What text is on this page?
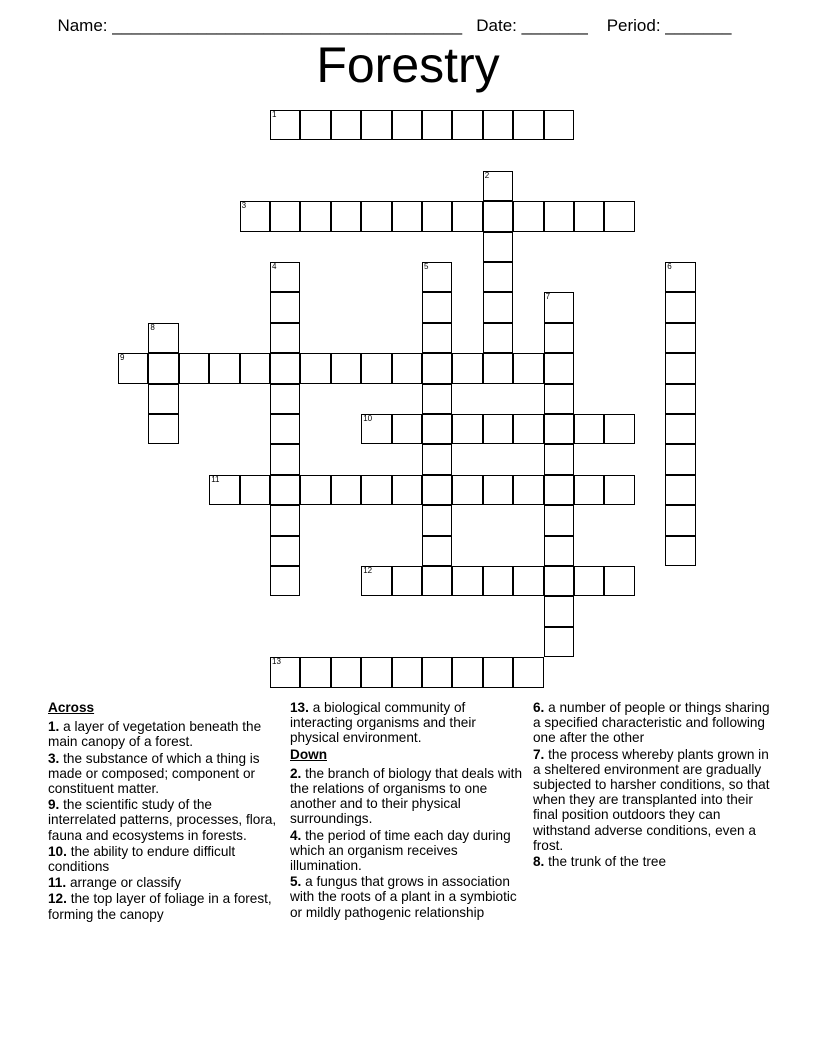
Name: _____________________________________ Date: _______ Period: _______

Forestry
1
2
3
4	5	6
7
8
9
10
11
12
13
Across
1. a layer of vegetation beneath the main canopy of a forest.
3. the substance of which a thing is made or composed; component or constituent matter.
9. the scientific study of the interrelated patterns, processes, flora, fauna and ecosystems in forests.
10. the ability to endure difficult conditions
11. arrange or classify
12. the top layer of foliage in a forest, forming the canopy
13. a biological community of interacting organisms and their physical environment.
Down
2. the branch of biology that deals with the relations of organisms to one another and to their physical surroundings.
4. the period of time each day during which an organism receives illumination.
5. a fungus that grows in association with the roots of a plant in a symbiotic or mildly pathogenic relationship
6. a number of people or things sharing a specified characteristic and following one after the other
7. the process whereby plants grown in a sheltered environment are gradually subjected to harsher conditions, so that when they are transplanted into their final position outdoors they can withstand adverse conditions, even a frost.
8. the trunk of the tree
